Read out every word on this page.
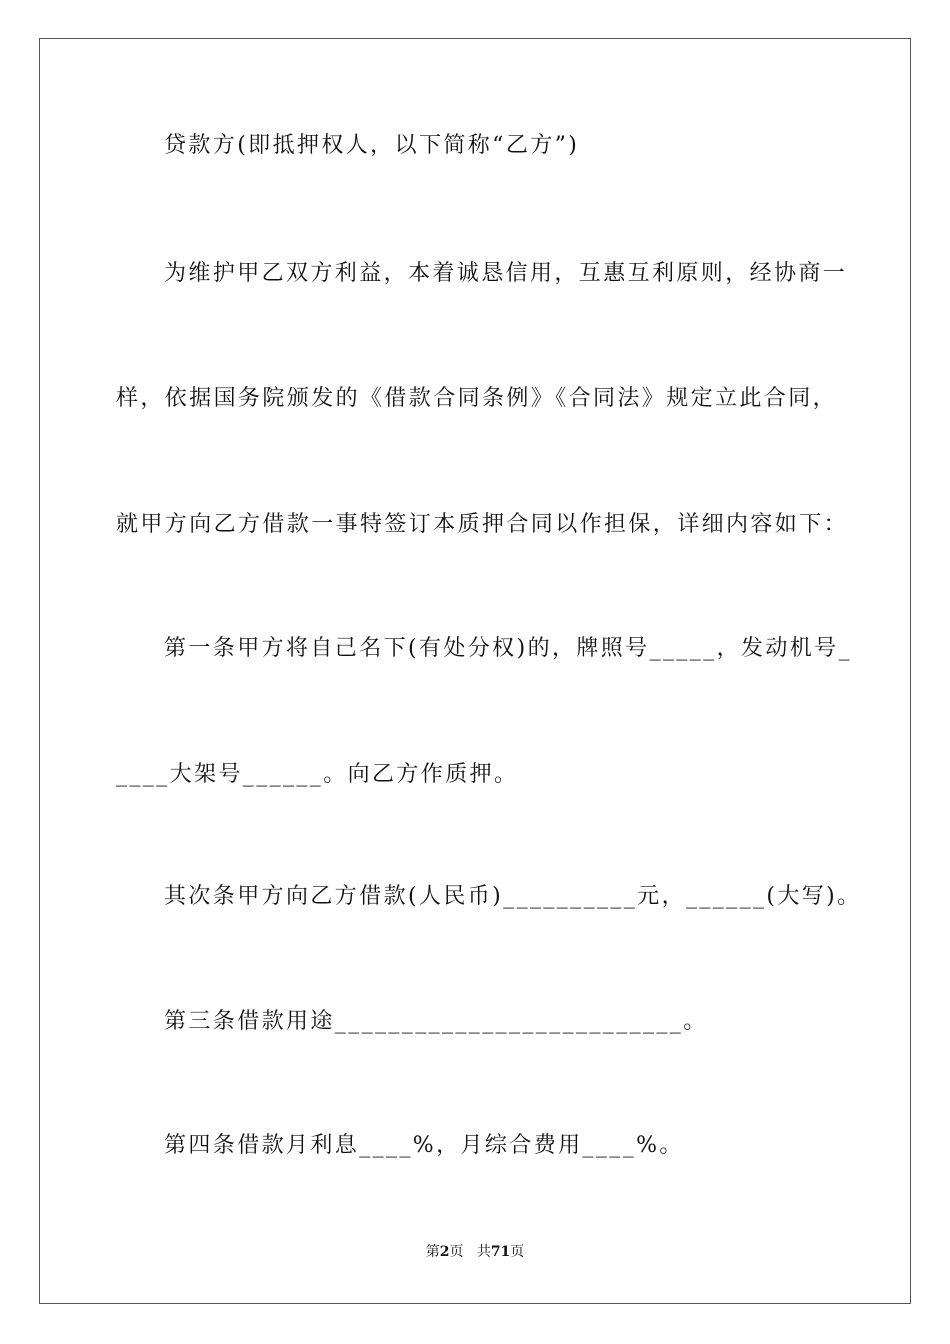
贷款方(即抵押权人，以下简称“乙方”)
为维护甲乙双方利益，本着诚恳信用，互惠互利原则，经协商一
样，依据国务院颁发的《借款合同条例》《合同法》规定立此合同，
就甲方向乙方借款一事特签订本质押合同以作担保，详细内容如下：
第一条甲方将自己名下(有处分权)的，牌照号_____，发动机号_
____大架号______。向乙方作质押。
其次条甲方向乙方借款(人民币)__________元，______(大写)。
第三条借款用途__________________________。
第四条借款月利息____%，月综合费用____%。
第2页 共71页
